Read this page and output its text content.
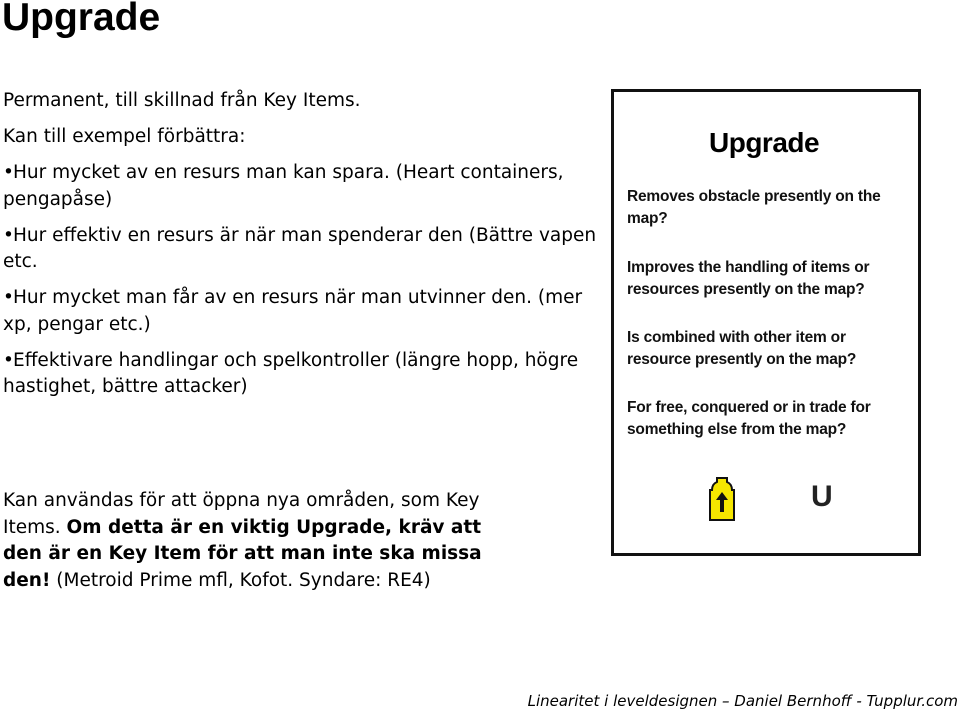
Upgrade

Permanent, till skillnad från Key Items.

Kan till exempel förbättra:

•Hur mycket av en resurs man kan spara. (Heart containers, pengapåse)

•Hur effektiv en resurs är när man spenderar den (Bättre vapen etc.

•Hur mycket man får av en resurs när man utvinner den. (mer xp, pengar etc.)

•Effektivare handlingar och spelkontroller (längre hopp, högre hastighet, bättre attacker)

Kan användas för att öppna nya områden, som Key Items. Om detta är en viktig Upgrade, kräv att den är en Key Item för att man inte ska missa den! (Metroid Prime mfl, Kofot. Syndare: RE4)

Upgrade
Removes obstacle presently on the map?
Improves the handling of items or resources presently on the map?
Is combined with other item or resource presently on the map?
For free, conquered or in trade for something else from the map?
U
Linearitet i leveldesignen – Daniel Bernhoff - Tupplur.com
